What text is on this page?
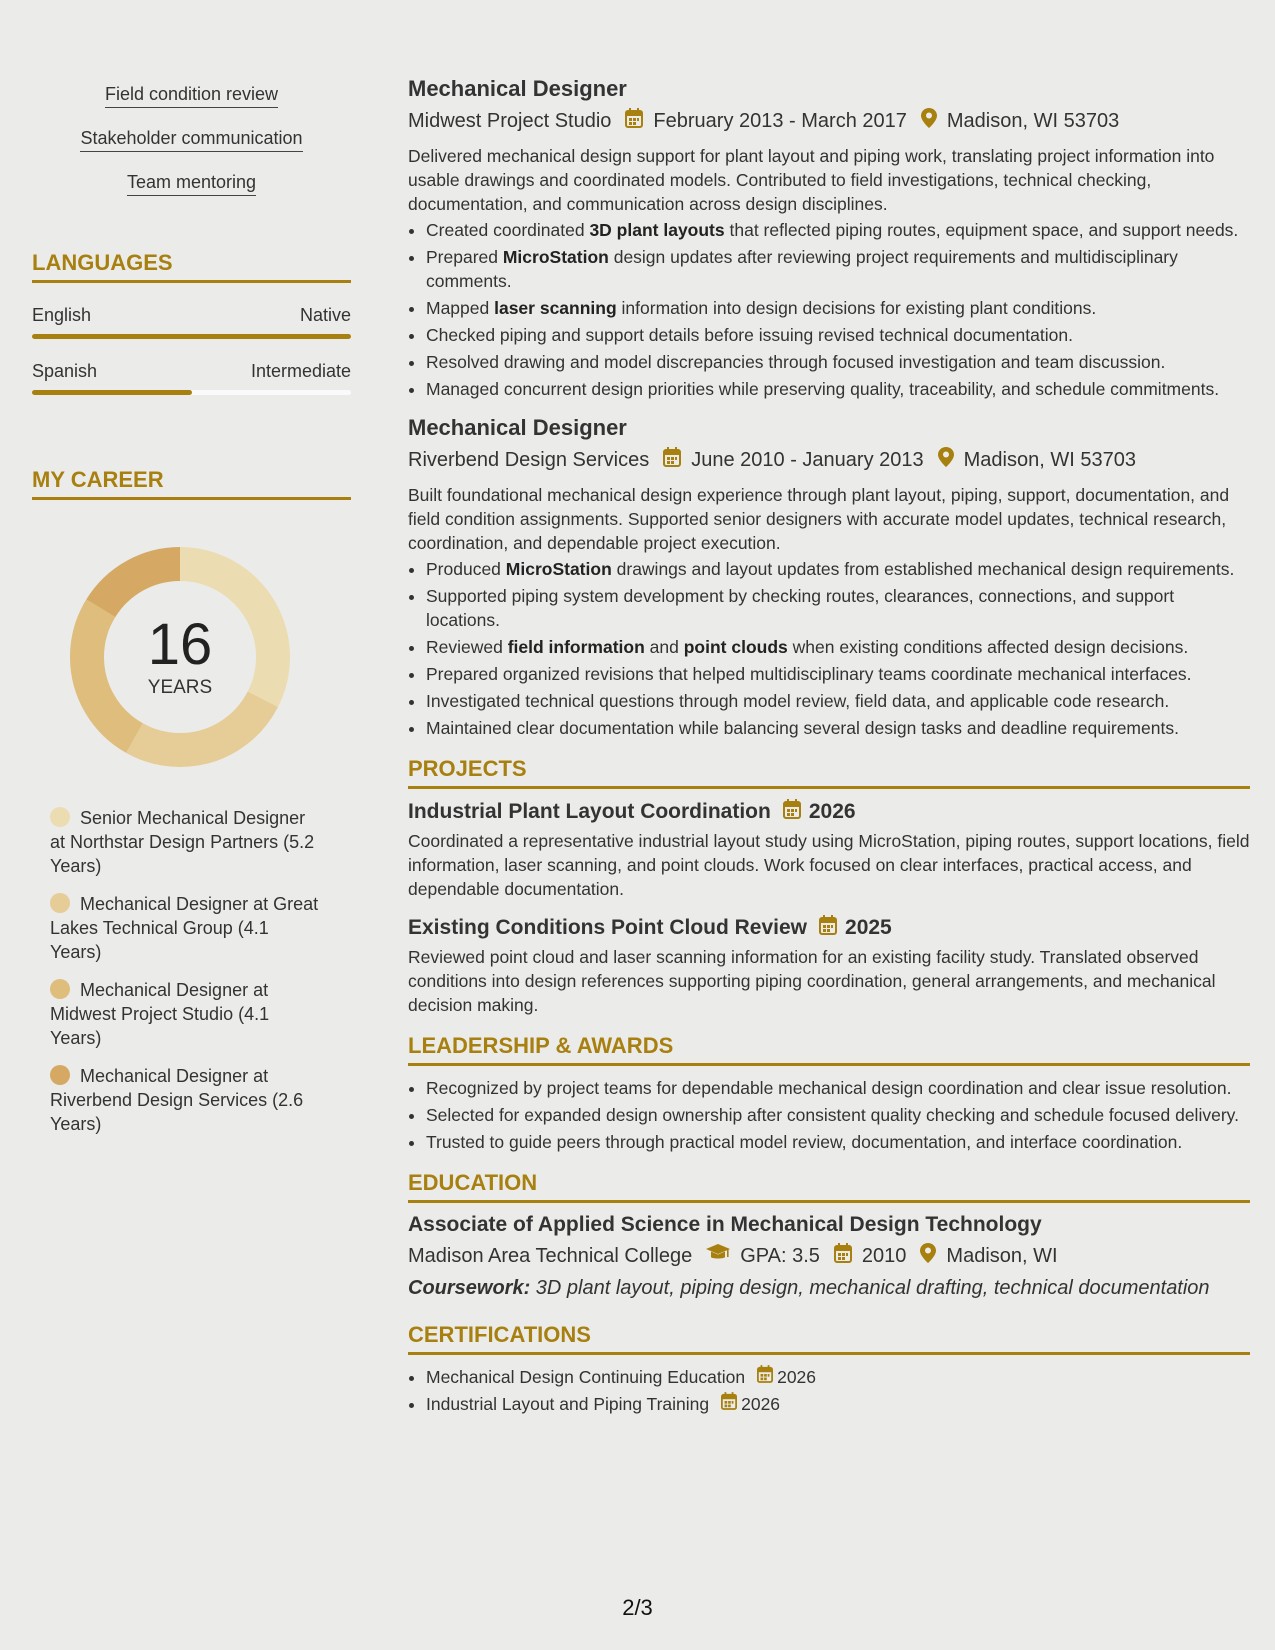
Field condition review
Stakeholder communication
Team mentoring
LANGUAGES
English	Native
Spanish	Intermediate
MY CAREER
16
YEARS
Senior Mechanical Designer at Northstar Design Partners (5.2 Years)
Mechanical Designer at Great Lakes Technical Group (4.1 Years)
Mechanical Designer at Midwest Project Studio (4.1 Years)
Mechanical Designer at Riverbend Design Services (2.6 Years)
Mechanical Designer
Midwest Project Studio February 2013 - March 2017 Madison, WI 53703
Delivered mechanical design support for plant layout and piping work, translating project information into usable drawings and coordinated models. Contributed to field investigations, technical checking, documentation, and communication across design disciplines.
• Created coordinated 3D plant layouts that reflected piping routes, equipment space, and support needs.
• Prepared MicroStation design updates after reviewing project requirements and multidisciplinary comments.
• Mapped laser scanning information into design decisions for existing plant conditions.
• Checked piping and support details before issuing revised technical documentation.
• Resolved drawing and model discrepancies through focused investigation and team discussion.
• Managed concurrent design priorities while preserving quality, traceability, and schedule commitments.
Mechanical Designer
Riverbend Design Services June 2010 - January 2013 Madison, WI 53703
Built foundational mechanical design experience through plant layout, piping, support, documentation, and field condition assignments. Supported senior designers with accurate model updates, technical research, coordination, and dependable project execution.
• Produced MicroStation drawings and layout updates from established mechanical design requirements.
• Supported piping system development by checking routes, clearances, connections, and support locations.
• Reviewed field information and point clouds when existing conditions affected design decisions.
• Prepared organized revisions that helped multidisciplinary teams coordinate mechanical interfaces.
• Investigated technical questions through model review, field data, and applicable code research.
• Maintained clear documentation while balancing several design tasks and deadline requirements.
PROJECTS
Industrial Plant Layout Coordination 2026
Coordinated a representative industrial layout study using MicroStation, piping routes, support locations, field information, laser scanning, and point clouds. Work focused on clear interfaces, practical access, and dependable documentation.
Existing Conditions Point Cloud Review 2025
Reviewed point cloud and laser scanning information for an existing facility study. Translated observed conditions into design references supporting piping coordination, general arrangements, and mechanical decision making.
LEADERSHIP & AWARDS
• Recognized by project teams for dependable mechanical design coordination and clear issue resolution.
• Selected for expanded design ownership after consistent quality checking and schedule focused delivery.
• Trusted to guide peers through practical model review, documentation, and interface coordination.
EDUCATION
Associate of Applied Science in Mechanical Design Technology
Madison Area Technical College GPA: 3.5 2010 Madison, WI
Coursework: 3D plant layout, piping design, mechanical drafting, technical documentation
CERTIFICATIONS
• Mechanical Design Continuing Education 2026
• Industrial Layout and Piping Training 2026
2/3
